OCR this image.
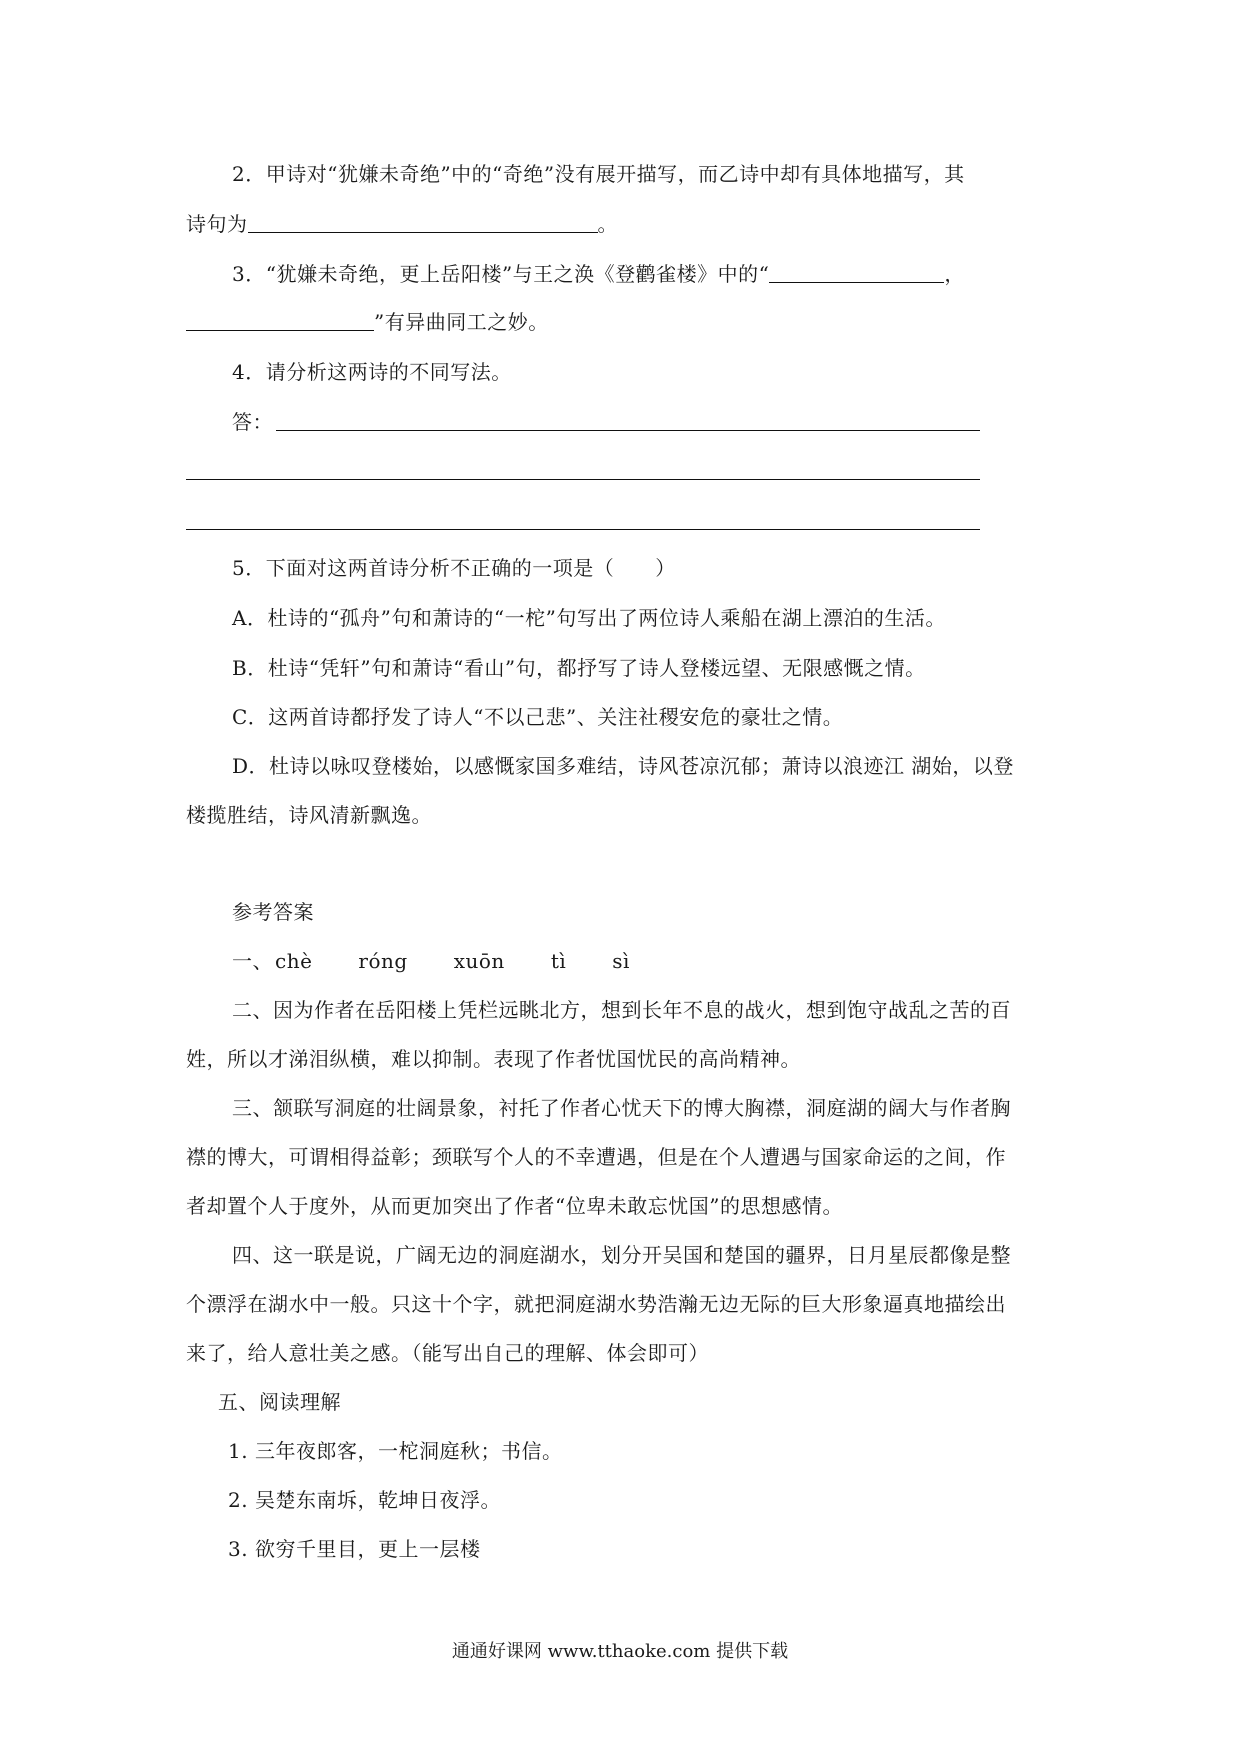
2．甲诗对“犹嫌未奇绝”中的“奇绝”没有展开描写，而乙诗中却有具体地描写，其
诗句为	。
3．“犹嫌未奇绝，更上岳阳楼”与王之涣《登鹳雀楼》中的“	，
”有异曲同工之妙。
4．请分析这两诗的不同写法。
答：
5．下面对这两首诗分析不正确的一项是（　　）
A．杜诗的“孤舟”句和萧诗的“一柁”句写出了两位诗人乘船在湖上漂泊的生活。
B．杜诗“凭轩”句和萧诗“看山”句，都抒写了诗人登楼远望、无限感慨之情。
C．这两首诗都抒发了诗人“不以己悲”、关注社稷安危的豪壮之情。
D．杜诗以咏叹登楼始，以感慨家国多难结，诗风苍凉沉郁；萧诗以浪迹江 湖始，以登
楼揽胜结，诗风清新飘逸。
参考答案
一、 chè róng xuōn tì sì
二、因为作者在岳阳楼上凭栏远眺北方，想到长年不息的战火，想到饱守战乱之苦的百
姓，所以才涕泪纵横，难以抑制。表现了作者忧国忧民的高尚精神。
三、颔联写洞庭的壮阔景象，衬托了作者心忧天下的博大胸襟，洞庭湖的阔大与作者胸
襟的博大，可谓相得益彰；颈联写个人的不幸遭遇，但是在个人遭遇与国家命运的之间，作
者却置个人于度外，从而更加突出了作者“位卑未敢忘忧国”的思想感情。
四、这一联是说，广阔无边的洞庭湖水，划分开吴国和楚国的疆界，日月星辰都像是整
个漂浮在湖水中一般。只这十个字，就把洞庭湖水势浩瀚无边无际的巨大形象逼真地描绘出
来了，给人意壮美之感。（能写出自己的理解、体会即可）
五、阅读理解
1. 三年夜郎客，一柁洞庭秋；书信。
2. 吴楚东南坼，乾坤日夜浮。
3. 欲穷千里目，更上一层楼
通通好课网 www.tthaoke.com 提供下载
